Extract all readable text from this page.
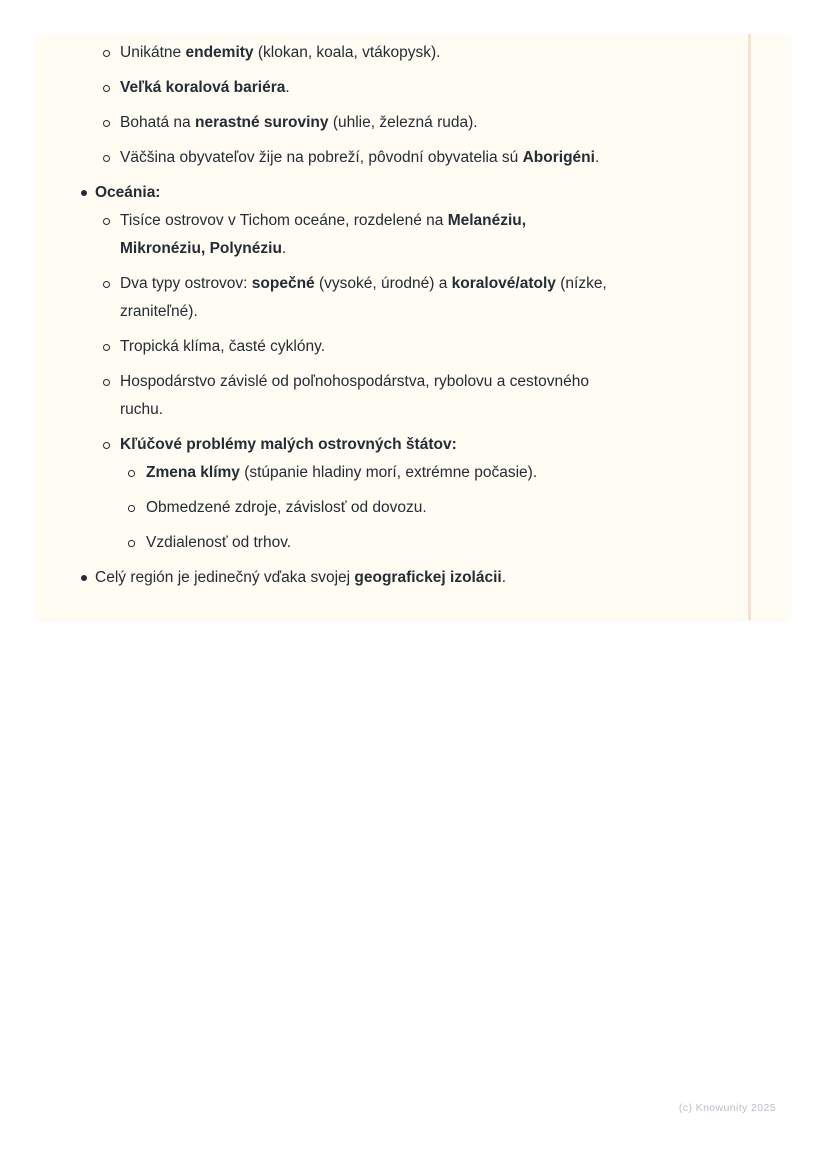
Unikátne endemity (klokan, koala, vtákopysk).
Veľká koralová bariéra.
Bohatá na nerastné suroviny (uhlie, železná ruda).
Väčšina obyvateľov žije na pobreží, pôvodní obyvatelia sú Aborigéni.
Oceánia:
Tisíce ostrovov v Tichom oceáne, rozdelené na Melanéziu,
Mikronéziu, Polynéziu.
Dva typy ostrovov: sopečné (vysoké, úrodné) a koralové/atoly (nízke,
zraniteľné).
Tropická klíma, časté cyklóny.
Hospodárstvo závislé od poľnohospodárstva, rybolovu a cestovného
ruchu.
Kľúčové problémy malých ostrovných štátov:
Zmena klímy (stúpanie hladiny morí, extrémne počasie).
Obmedzené zdroje, závislosť od dovozu.
Vzdialenosť od trhov.
Celý región je jedinečný vďaka svojej geografickej izolácii.
(c) Knowunity 2025
